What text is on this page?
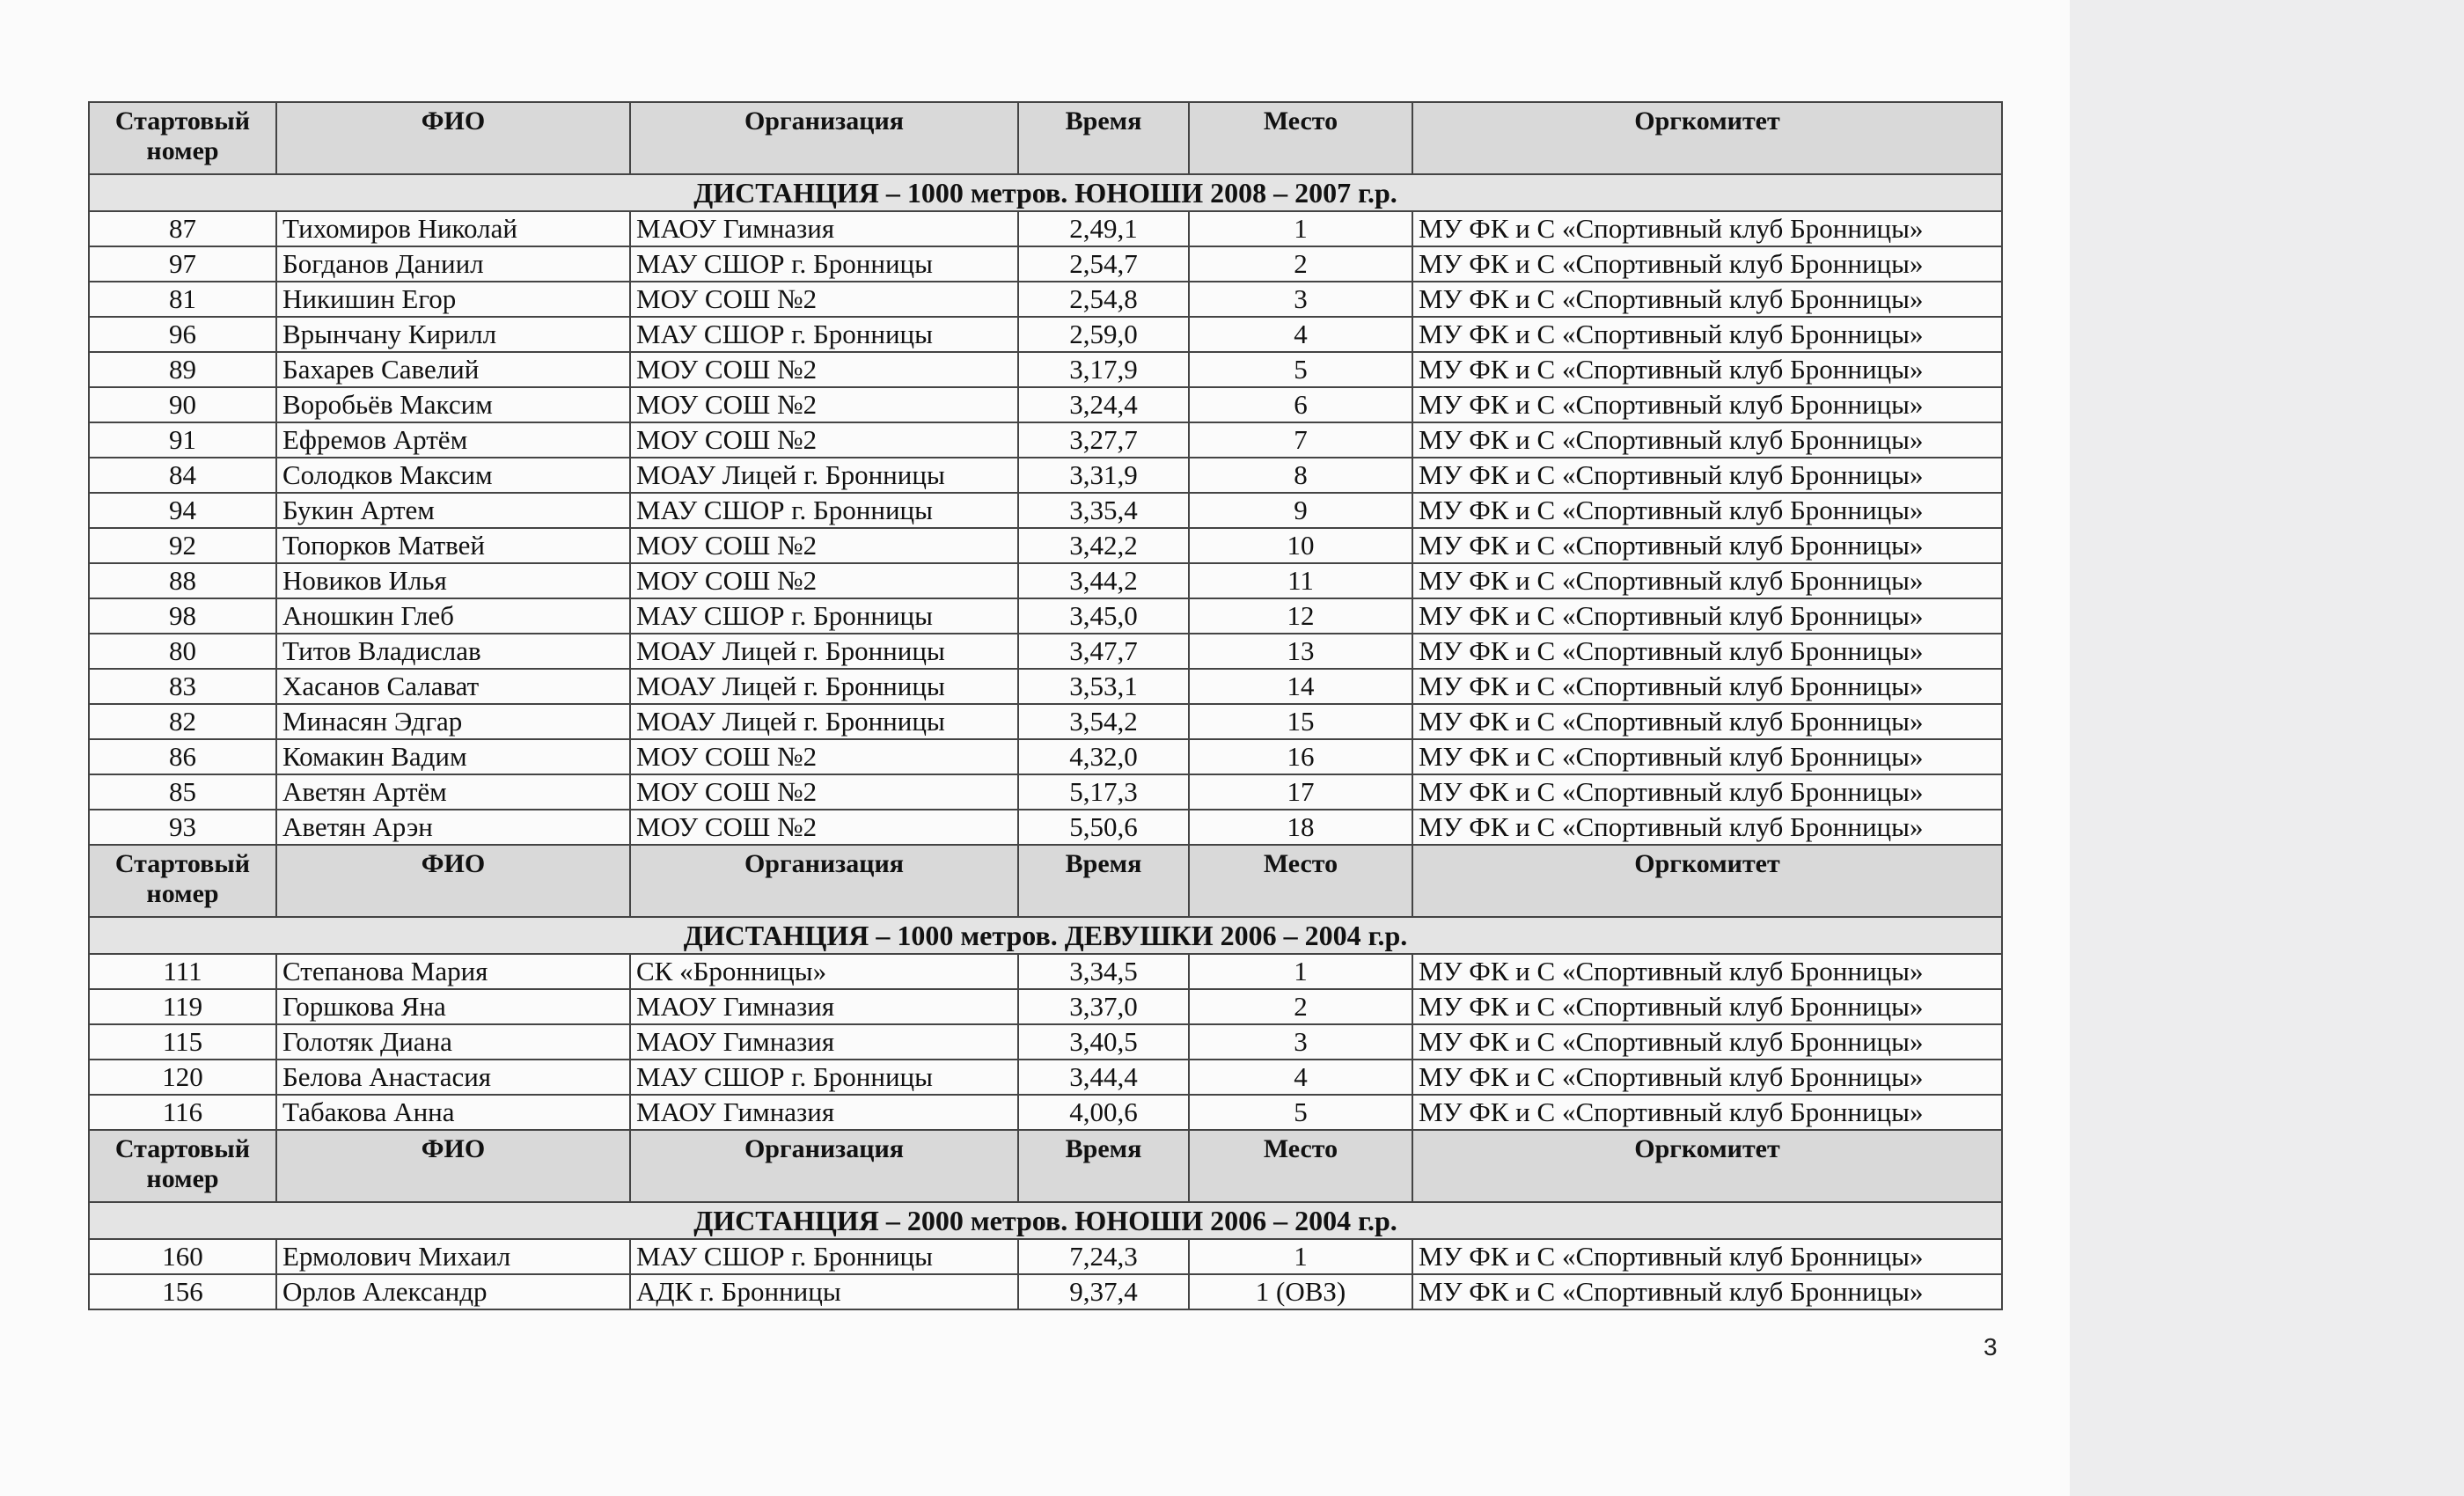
Стартовый номер	ФИО	Организация	Время	Место	Оргкомитет
ДИСТАНЦИЯ – 1000 метров. ЮНОШИ 2008 – 2007 г.р.					
87	Тихомиров Николай	МАОУ Гимназия	2,49,1	1	МУ ФК и С «Спортивный клуб Бронницы»
97	Богданов Даниил	МАУ СШОР г. Бронницы	2,54,7	2	МУ ФК и С «Спортивный клуб Бронницы»
81	Никишин Егор	МОУ СОШ №2	2,54,8	3	МУ ФК и С «Спортивный клуб Бронницы»
96	Врынчану Кирилл	МАУ СШОР г. Бронницы	2,59,0	4	МУ ФК и С «Спортивный клуб Бронницы»
89	Бахарев Савелий	МОУ СОШ №2	3,17,9	5	МУ ФК и С «Спортивный клуб Бронницы»
90	Воробьёв Максим	МОУ СОШ №2	3,24,4	6	МУ ФК и С «Спортивный клуб Бронницы»
91	Ефремов Артём	МОУ СОШ №2	3,27,7	7	МУ ФК и С «Спортивный клуб Бронницы»
84	Солодков Максим	МОАУ Лицей г. Бронницы	3,31,9	8	МУ ФК и С «Спортивный клуб Бронницы»
94	Букин Артем	МАУ СШОР г. Бронницы	3,35,4	9	МУ ФК и С «Спортивный клуб Бронницы»
92	Топорков Матвей	МОУ СОШ №2	3,42,2	10	МУ ФК и С «Спортивный клуб Бронницы»
88	Новиков Илья	МОУ СОШ №2	3,44,2	11	МУ ФК и С «Спортивный клуб Бронницы»
98	Аношкин Глеб	МАУ СШОР г. Бронницы	3,45,0	12	МУ ФК и С «Спортивный клуб Бронницы»
80	Титов Владислав	МОАУ Лицей г. Бронницы	3,47,7	13	МУ ФК и С «Спортивный клуб Бронницы»
83	Хасанов Салават	МОАУ Лицей г. Бронницы	3,53,1	14	МУ ФК и С «Спортивный клуб Бронницы»
82	Минасян Эдгар	МОАУ Лицей г. Бронницы	3,54,2	15	МУ ФК и С «Спортивный клуб Бронницы»
86	Комакин Вадим	МОУ СОШ №2	4,32,0	16	МУ ФК и С «Спортивный клуб Бронницы»
85	Аветян Артём	МОУ СОШ №2	5,17,3	17	МУ ФК и С «Спортивный клуб Бронницы»
93	Аветян Арэн	МОУ СОШ №2	5,50,6	18	МУ ФК и С «Спортивный клуб Бронницы»
Стартовый номер	ФИО	Организация	Время	Место	Оргкомитет
ДИСТАНЦИЯ – 1000 метров. ДЕВУШКИ 2006 – 2004 г.р.					
111	Степанова Мария	СК «Бронницы»	3,34,5	1	МУ ФК и С «Спортивный клуб Бронницы»
119	Горшкова Яна	МАОУ Гимназия	3,37,0	2	МУ ФК и С «Спортивный клуб Бронницы»
115	Голотяк Диана	МАОУ Гимназия	3,40,5	3	МУ ФК и С «Спортивный клуб Бронницы»
120	Белова Анастасия	МАУ СШОР г. Бронницы	3,44,4	4	МУ ФК и С «Спортивный клуб Бронницы»
116	Табакова Анна	МАОУ Гимназия	4,00,6	5	МУ ФК и С «Спортивный клуб Бронницы»
Стартовый номер	ФИО	Организация	Время	Место	Оргкомитет
ДИСТАНЦИЯ – 2000 метров. ЮНОШИ 2006 – 2004 г.р.					
160	Ермолович Михаил	МАУ СШОР г. Бронницы	7,24,3	1	МУ ФК и С «Спортивный клуб Бронницы»
156	Орлов Александр	АДК г. Бронницы	9,37,4	1 (ОВЗ)	МУ ФК и С «Спортивный клуб Бронницы»
3
